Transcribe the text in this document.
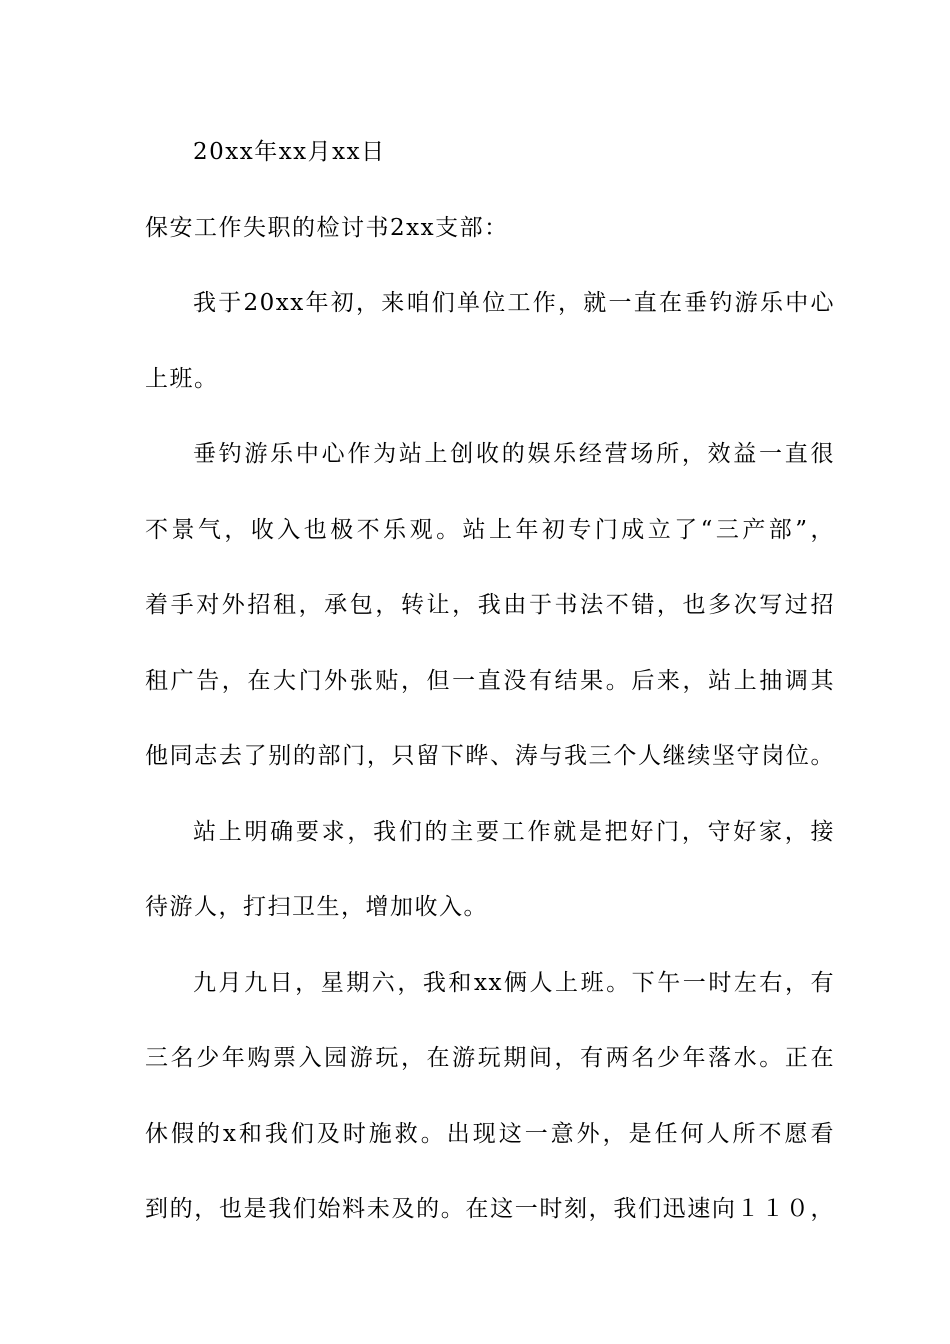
20xx年xx月xx日
保安工作失职的检讨书2xx支部：
我于20xx年初，来咱们单位工作，就一直在垂钓游乐中心
上班。
垂钓游乐中心作为站上创收的娱乐经营场所，效益一直很
不景气，收入也极不乐观。站上年初专门成立了“三产部”，
着手对外招租，承包，转让，我由于书法不错，也多次写过招
租广告，在大门外张贴，但一直没有结果。后来，站上抽调其
他同志去了别的部门，只留下晔、涛与我三个人继续坚守岗位。
站上明确要求，我们的主要工作就是把好门，守好家，接
待游人，打扫卫生，增加收入。
九月九日，星期六，我和xx俩人上班。下午一时左右，有
三名少年购票入园游玩，在游玩期间，有两名少年落水。正在
休假的x和我们及时施救。出现这一意外，是任何人所不愿看
到的，也是我们始料未及的。在这一时刻，我们迅速向１１０，
